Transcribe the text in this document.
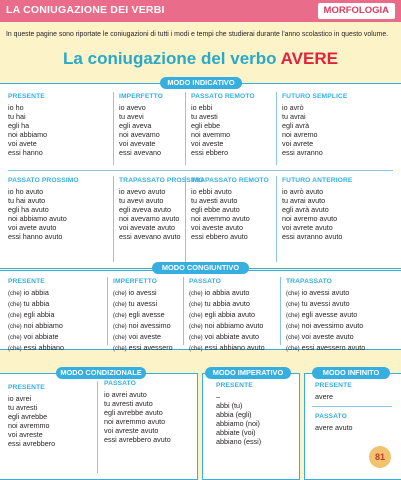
LA CONIUGAZIONE DEI VERBI	MORFOLOGIA
In queste pagine sono riportate le coniugazioni di tutti i modi e tempi che studierai durante l'anno scolastico in questo volume.
La coniugazione del verbo AVERE
MODO INDICATIVO
PRESENTE
io ho
tu hai
egli ha
noi abbiamo
voi avete
essi hanno
IMPERFETTO
io avevo
tu avevi
egli aveva
noi avevamo
voi avevate
essi avevano
PASSATO REMOTO
io ebbi
tu avesti
egli ebbe
noi avemmo
voi aveste
essi ebbero
FUTURO SEMPLICE
io avrò
tu avrai
egli avrà
noi avremo
voi avrete
essi avranno
PASSATO PROSSIMO
io ho avuto
tu hai avuto
egli ha avuto
noi abbiamo avuto
voi avete avuto
essi hanno avuto
TRAPASSATO PROSSIMO
io avevo avuto
tu avevi avuto
egli aveva avuto
noi avevamo avuto
voi avevate avuto
essi avevano avuto
TRAPASSATO REMOTO
io ebbi avuto
tu avesti avuto
egli ebbe avuto
noi avemmo avuto
voi aveste avuto
essi ebbero avuto
FUTURO ANTERIORE
io avrò avuto
tu avrai avuto
egli avrà avuto
noi avremo avuto
voi avrete avuto
essi avranno avuto
MODO CONGIUNTIVO
PRESENTE
(che) io abbia
(che) tu abbia
(che) egli abbia
(che) noi abbiamo
(che) voi abbiate
(che) essi abbiano
IMPERFETTO
(che) io avessi
(che) tu avessi
(che) egli avesse
(che) noi avessimo
(che) voi aveste
(che) essi avessero
PASSATO
(che) io abbia avuto
(che) tu abbia avuto
(che) egli abbia avuto
(che) noi abbiamo avuto
(che) voi abbiate avuto
(che) essi abbiano avuto
TRAPASSATO
(che) io avessi avuto
(che) tu avessi avuto
(che) egli avesse avuto
(che) noi avessimo avuto
(che) voi aveste avuto
(che) essi avessero avuto
MODO CONDIZIONALE
PRESENTE
io avrei
tu avresti
egli avrebbe
noi avremmo
voi avreste
essi avrebbero
PASSATO
io avrei avuto
tu avresti avuto
egli avrebbe avuto
noi avremmo avuto
voi avreste avuto
essi avrebbero avuto
MODO IMPERATIVO
PRESENTE
–
abbi (tu)
abbia (egli)
abbiamo (noi)
abbiate (voi)
abbiano (essi)
MODO INFINITO
PRESENTE
avere
PASSATO
avere avuto
81
